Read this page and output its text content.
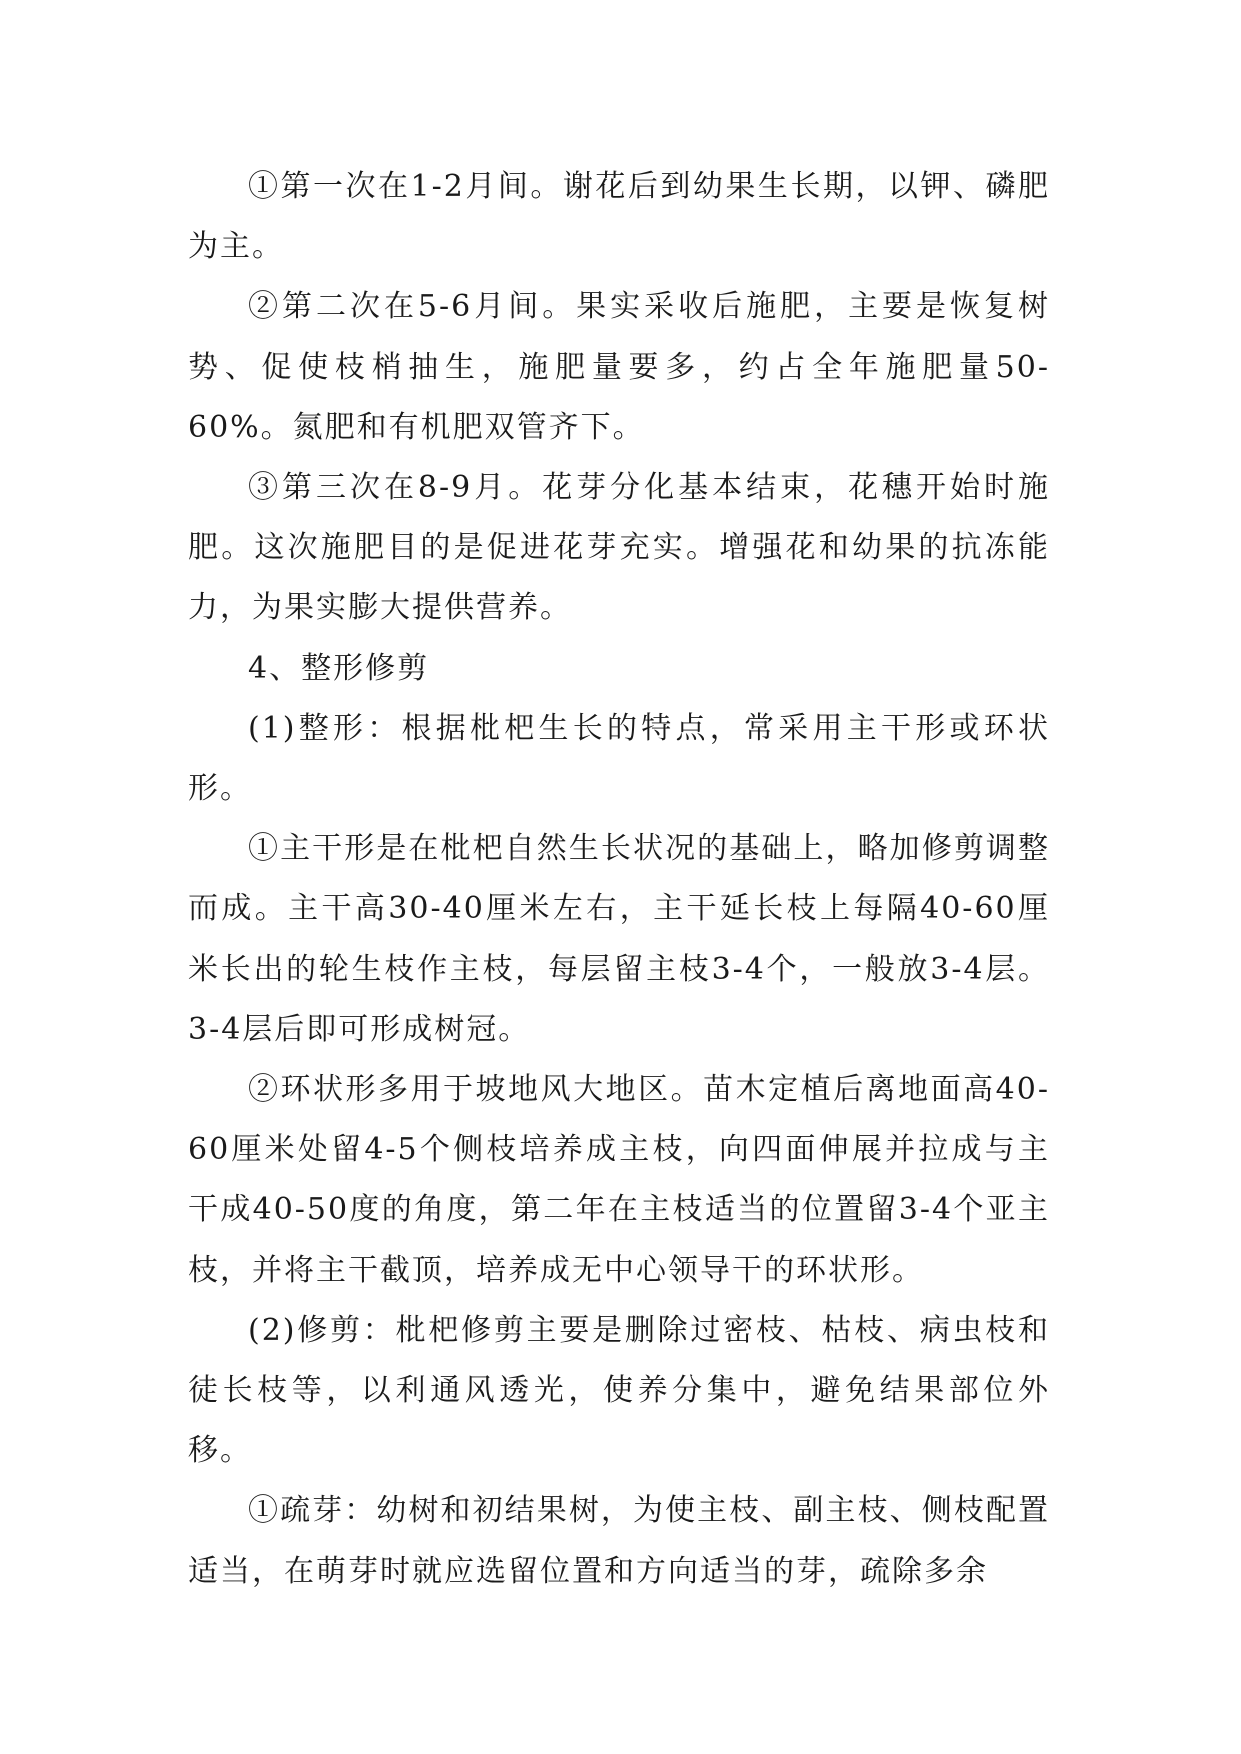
①第一次在1-2月间。谢花后到幼果生长期，以钾、磷肥为主。

②第二次在5-6月间。果实采收后施肥，主要是恢复树势、促使枝梢抽生，施肥量要多，约占全年施肥量50-60%。氮肥和有机肥双管齐下。

③第三次在8-9月。花芽分化基本结束，花穗开始时施肥。这次施肥目的是促进花芽充实。增强花和幼果的抗冻能力，为果实膨大提供营养。

4、整形修剪

(1)整形：根据枇杷生长的特点，常采用主干形或环状形。

①主干形是在枇杷自然生长状况的基础上，略加修剪调整而成。主干高30-40厘米左右，主干延长枝上每隔40-60厘米长出的轮生枝作主枝，每层留主枝3-4个，一般放3-4层。3-4层后即可形成树冠。

②环状形多用于坡地风大地区。苗木定植后离地面高40-60厘米处留4-5个侧枝培养成主枝，向四面伸展并拉成与主干成40-50度的角度，第二年在主枝适当的位置留3-4个亚主枝，并将主干截顶，培养成无中心领导干的环状形。

(2)修剪：枇杷修剪主要是删除过密枝、枯枝、病虫枝和徒长枝等，以利通风透光，使养分集中，避免结果部位外移。

①疏芽：幼树和初结果树，为使主枝、副主枝、侧枝配置适当，在萌芽时就应选留位置和方向适当的芽，疏除多余
